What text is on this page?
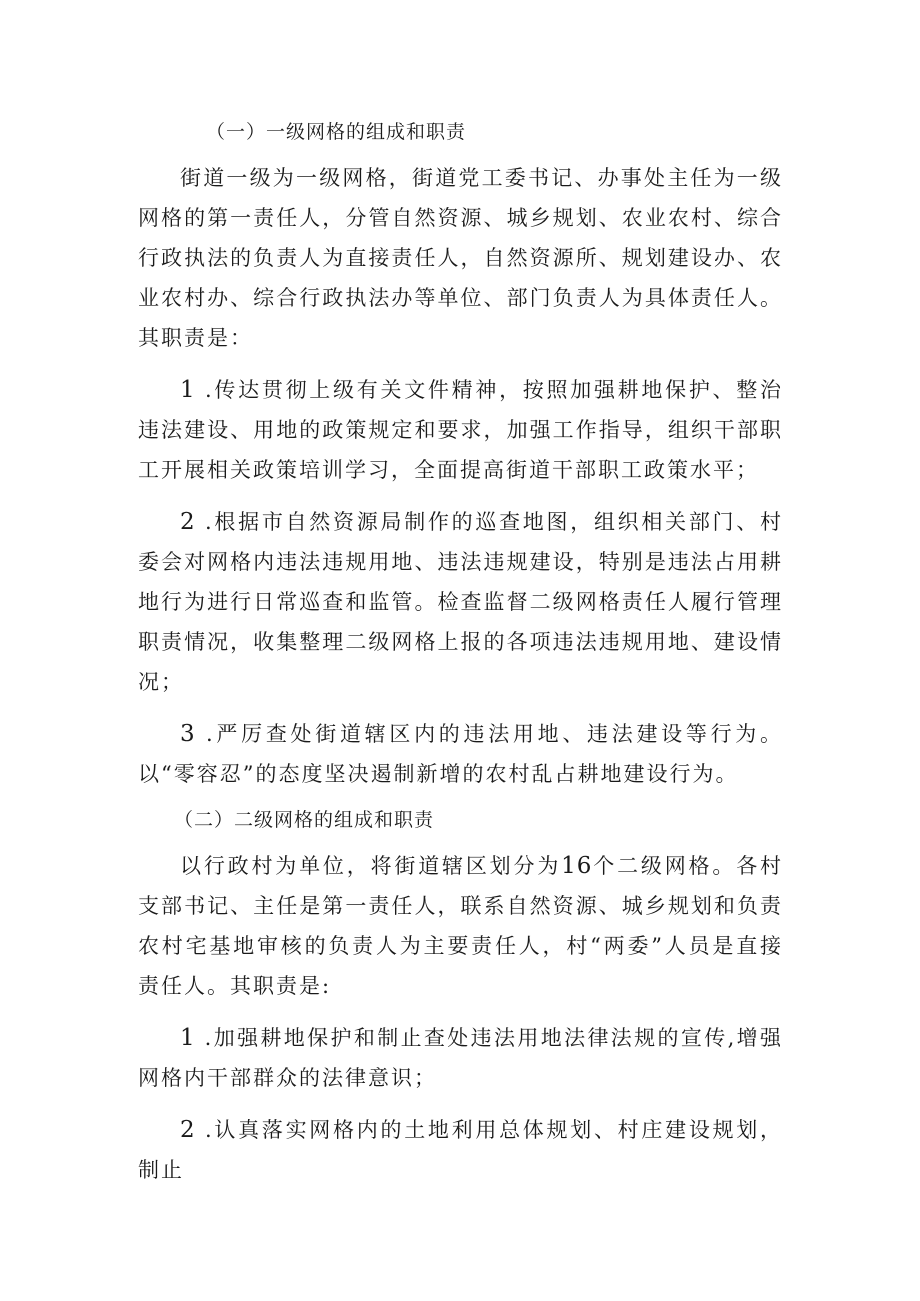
（一）一级网格的组成和职责

街道一级为一级网格，街道党工委书记、办事处主任为一级网格的第一责任人，分管自然资源、城乡规划、农业农村、综合行政执法的负责人为直接责任人，自然资源所、规划建设办、农业农村办、综合行政执法办等单位、部门负责人为具体责任人。其职责是：

1 .传达贯彻上级有关文件精神，按照加强耕地保护、整治违法建设、用地的政策规定和要求，加强工作指导，组织干部职工开展相关政策培训学习，全面提高街道干部职工政策水平；

2 .根据市自然资源局制作的巡查地图，组织相关部门、村委会对网格内违法违规用地、违法违规建设，特别是违法占用耕地行为进行日常巡查和监管。检查监督二级网格责任人履行管理职责情况，收集整理二级网格上报的各项违法违规用地、建设情况；

3 .严厉查处街道辖区内的违法用地、违法建设等行为。以“零容忍”的态度坚决遏制新增的农村乱占耕地建设行为。

（二）二级网格的组成和职责

以行政村为单位，将街道辖区划分为16个二级网格。各村支部书记、主任是第一责任人，联系自然资源、城乡规划和负责农村宅基地审核的负责人为主要责任人，村“两委”人员是直接责任人。其职责是:

1 .加强耕地保护和制止查处违法用地法律法规的宣传,增强网格内干部群众的法律意识；

2 .认真落实网格内的土地利用总体规划、村庄建设规划，制止
